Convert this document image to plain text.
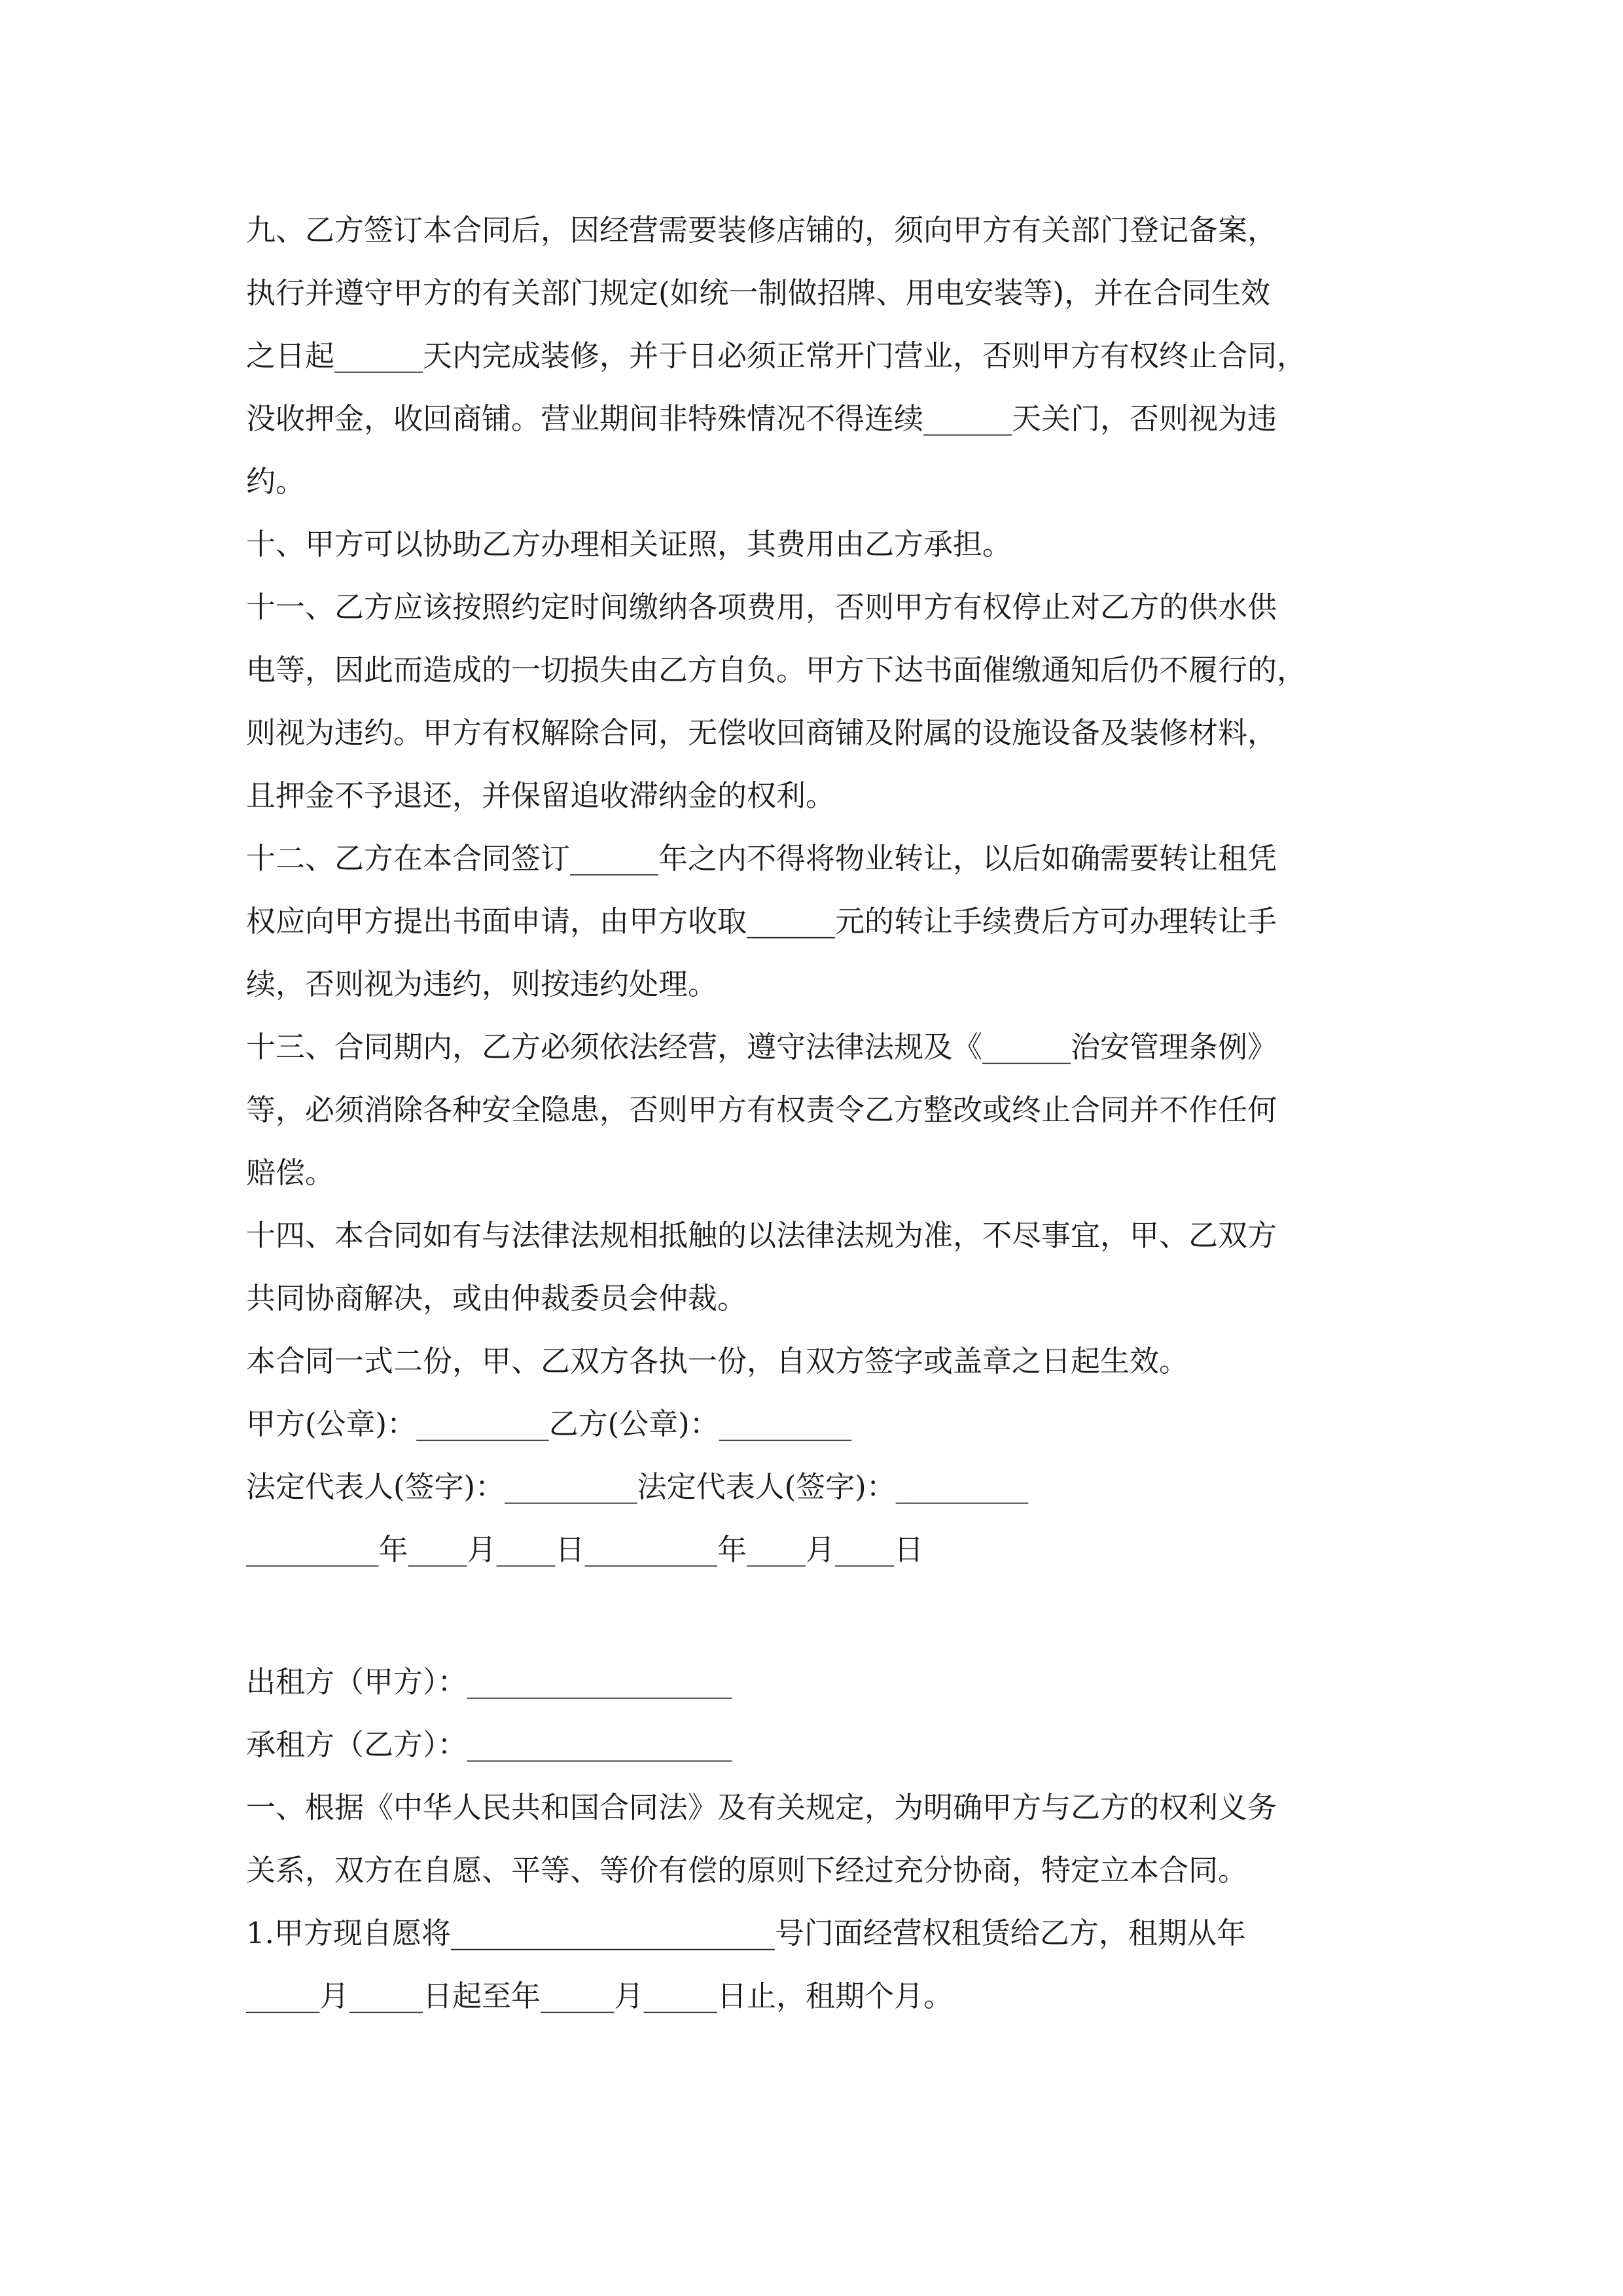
九、乙方签订本合同后，因经营需要装修店铺的，须向甲方有关部门登记备案，
执行并遵守甲方的有关部门规定(如统一制做招牌、用电安装等)，并在合同生效
之日起______天内完成装修，并于日必须正常开门营业，否则甲方有权终止合同，
没收押金，收回商铺。营业期间非特殊情况不得连续______天关门，否则视为违
约。
十、甲方可以协助乙方办理相关证照，其费用由乙方承担。
十一、乙方应该按照约定时间缴纳各项费用，否则甲方有权停止对乙方的供水供
电等，因此而造成的一切损失由乙方自负。甲方下达书面催缴通知后仍不履行的，
则视为违约。甲方有权解除合同，无偿收回商铺及附属的设施设备及装修材料，
且押金不予退还，并保留追收滞纳金的权利。
十二、乙方在本合同签订______年之内不得将物业转让，以后如确需要转让租凭
权应向甲方提出书面申请，由甲方收取______元的转让手续费后方可办理转让手
续，否则视为违约，则按违约处理。
十三、合同期内，乙方必须依法经营，遵守法律法规及《______治安管理条例》
等，必须消除各种安全隐患，否则甲方有权责令乙方整改或终止合同并不作任何
赔偿。
十四、本合同如有与法律法规相抵触的以法律法规为准，不尽事宜，甲、乙双方
共同协商解决，或由仲裁委员会仲裁。
本合同一式二份，甲、乙双方各执一份，自双方签字或盖章之日起生效。
甲方(公章)：_________乙方(公章)：_________
法定代表人(签字)：_________法定代表人(签字)：_________
_________年____月____日_________年____月____日
出租方（甲方）：__________________
承租方（乙方）：__________________
一、根据《中华人民共和国合同法》及有关规定，为明确甲方与乙方的权利义务
关系，双方在自愿、平等、等价有偿的原则下经过充分协商，特定立本合同。
1.甲方现自愿将______________________号门面经营权租赁给乙方，租期从年
_____月_____日起至年_____月_____日止，租期个月。
